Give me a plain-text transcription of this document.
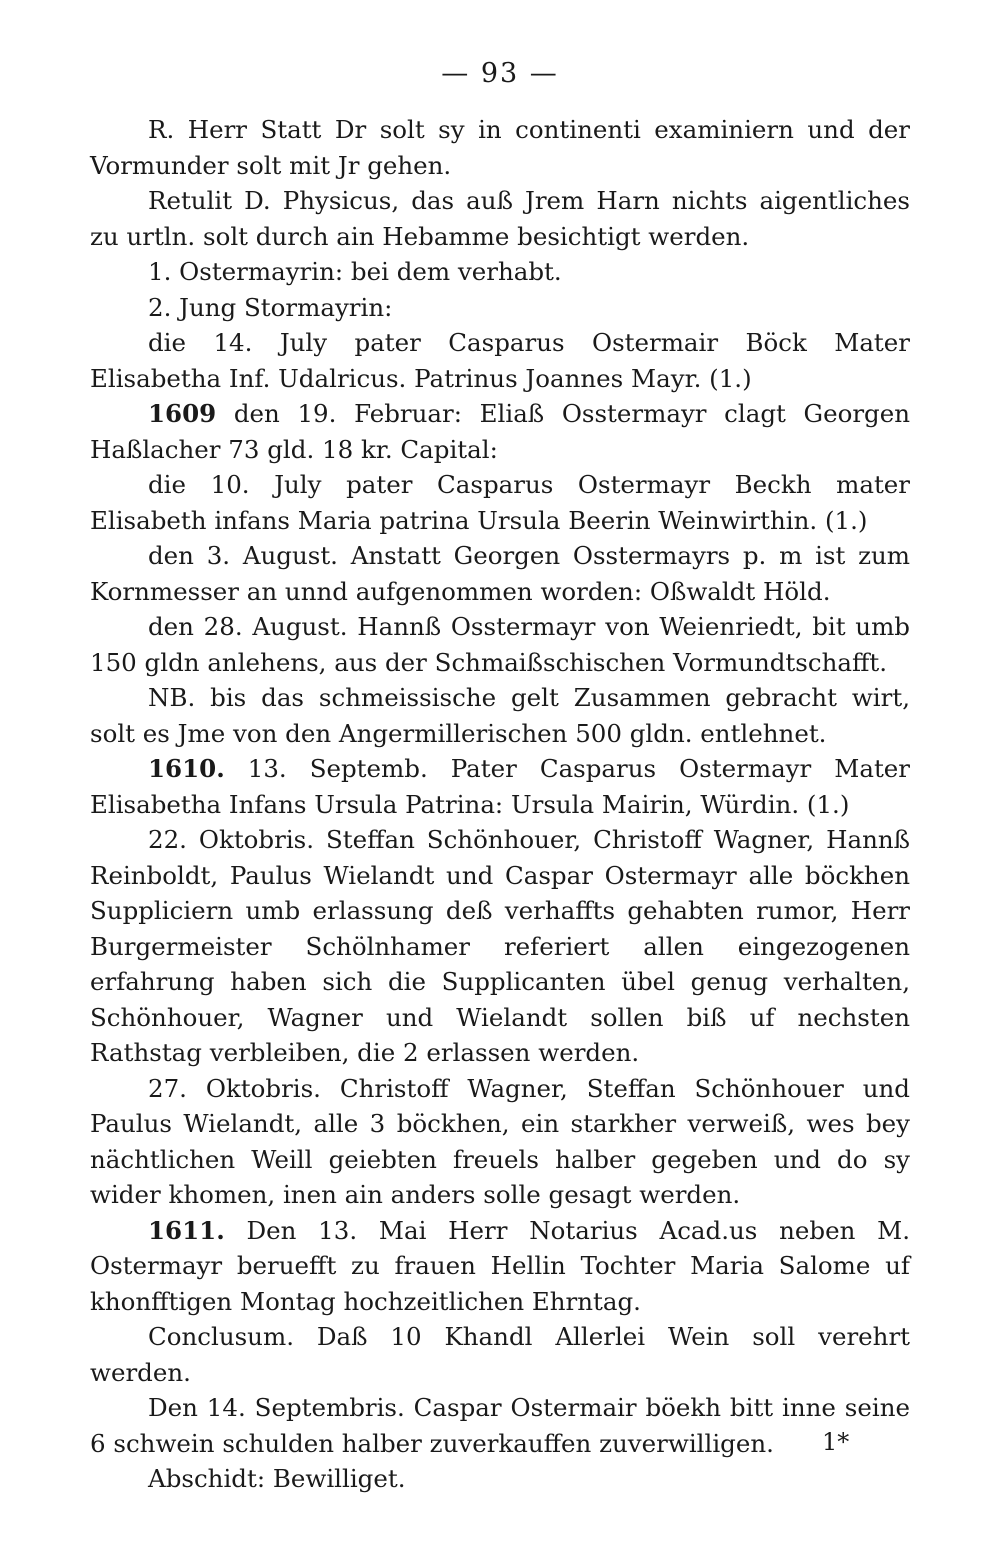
— 93 —

R. Herr Statt Dr solt sy in continenti examiniern und der Vormunder solt mit Jr gehen.

Retulit D. Physicus, das auß Jrem Harn nichts aigentliches zu urtln. solt durch ain Hebamme besichtigt werden.

1. Ostermayrin: bei dem verhabt.

2. Jung Stormayrin:

die 14. July pater Casparus Ostermair Böck Mater Elisabetha Inf. Udalricus. Patrinus Joannes Mayr. (1.)

1609 den 19. Februar: Eliaß Osstermayr clagt Georgen Haßlacher 73 gld. 18 kr. Capital:

die 10. July pater Casparus Ostermayr Beckh mater Elisabeth infans Maria patrina Ursula Beerin Weinwirthin. (1.)

den 3. August. Anstatt Georgen Osstermayrs p. m ist zum Kornmesser an unnd aufgenommen worden: Oßwaldt Höld.

den 28. August. Hannß Osstermayr von Weienriedt, bit umb 150 gldn anlehens, aus der Schmaißschischen Vormundtschafft.

NB. bis das schmeissische gelt Zusammen gebracht wirt, solt es Jme von den Angermillerischen 500 gldn. entlehnet.

1610. 13. Septemb. Pater Casparus Ostermayr Mater Elisabetha Infans Ursula Patrina: Ursula Mairin, Würdin. (1.)

22. Oktobris. Steffan Schönhouer, Christoff Wagner, Hannß Reinboldt, Paulus Wielandt und Caspar Ostermayr alle böckhen Suppliciern umb erlassung deß verhaffts gehabten rumor, Herr Burgermeister Schölnhamer referiert allen eingezogenen erfahrung haben sich die Supplicanten übel genug verhalten, Schönhouer, Wagner und Wielandt sollen biß uf nechsten Rathstag verbleiben, die 2 erlassen werden.

27. Oktobris. Christoff Wagner, Steffan Schönhouer und Paulus Wielandt, alle 3 böckhen, ein starkher verweiß, wes bey nächtlichen Weill geiebten freuels halber gegeben und do sy wider khomen, inen ain anders solle gesagt werden.

1611. Den 13. Mai Herr Notarius Acad.us neben M. Ostermayr beruefft zu frauen Hellin Tochter Maria Salome uf khonfftigen Montag hochzeitlichen Ehrntag.

Conclusum. Daß 10 Khandl Allerlei Wein soll verehrt werden.

Den 14. Septembris. Caspar Ostermair böekh bitt inne seine 6 schwein schulden halber zuverkauffen zuverwilligen.

Abschidt: Bewilliget.

1*
